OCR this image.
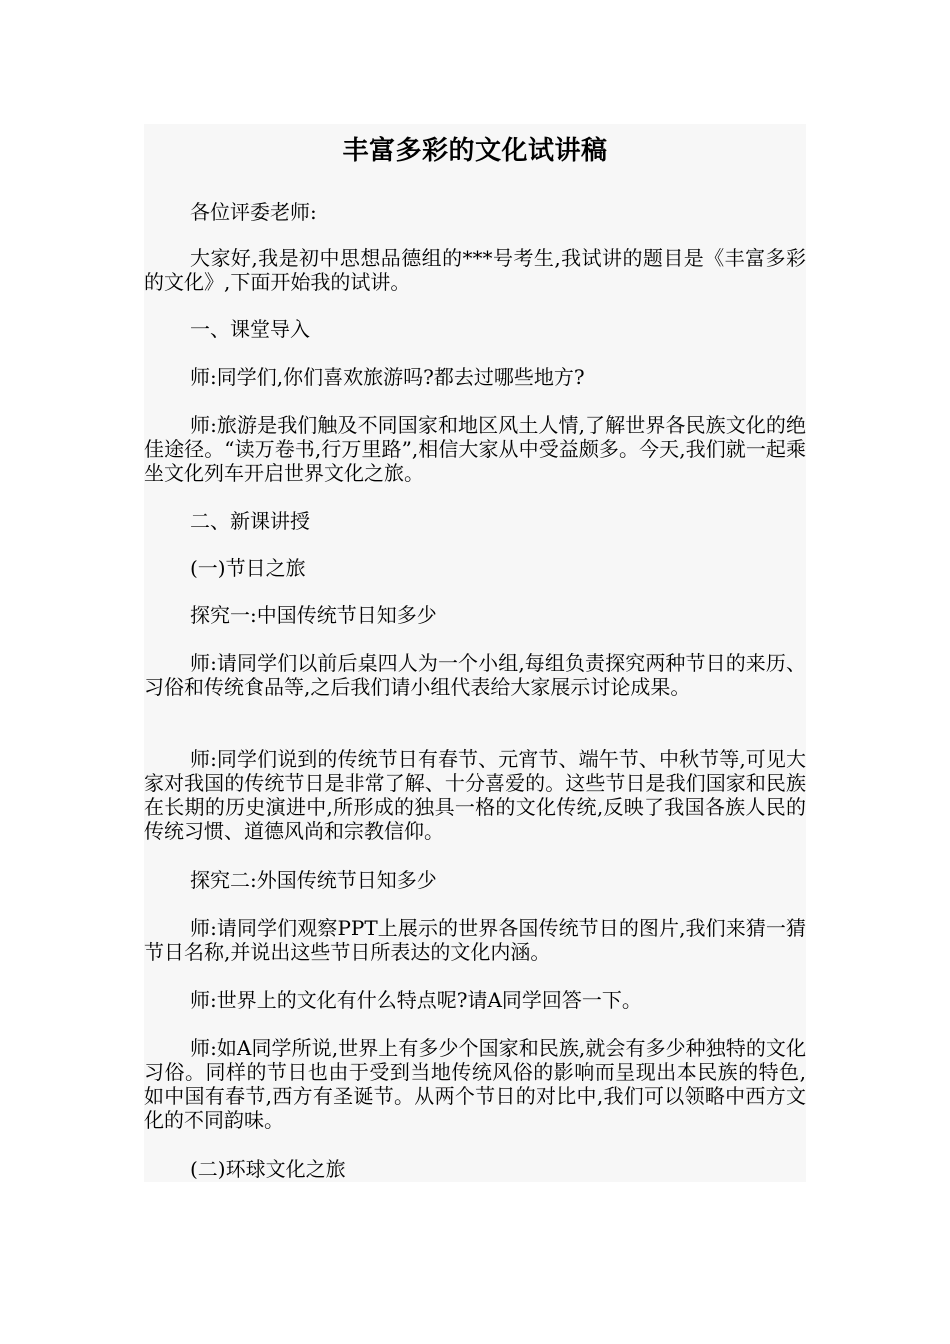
丰富多彩的文化试讲稿

各位评委老师:

大家好,我是初中思想品德组的***号考生,我试讲的题目是《丰富多彩的文化》,下面开始我的试讲。

一、课堂导入

师:同学们,你们喜欢旅游吗?都去过哪些地方?

师:旅游是我们触及不同国家和地区风土人情,了解世界各民族文化的绝佳途径。“读万卷书,行万里路”,相信大家从中受益颇多。今天,我们就一起乘坐文化列车开启世界文化之旅。

二、新课讲授

(一)节日之旅

探究一:中国传统节日知多少

师:请同学们以前后桌四人为一个小组,每组负责探究两种节日的来历、习俗和传统食品等,之后我们请小组代表给大家展示讨论成果。

师:同学们说到的传统节日有春节、元宵节、端午节、中秋节等,可见大家对我国的传统节日是非常了解、十分喜爱的。这些节日是我们国家和民族在长期的历史演进中,所形成的独具一格的文化传统,反映了我国各族人民的传统习惯、道德风尚和宗教信仰。

探究二:外国传统节日知多少

师:请同学们观察PPT上展示的世界各国传统节日的图片,我们来猜一猜节日名称,并说出这些节日所表达的文化内涵。

师:世界上的文化有什么特点呢?请A同学回答一下。

师:如A同学所说,世界上有多少个国家和民族,就会有多少种独特的文化习俗。同样的节日也由于受到当地传统风俗的影响而呈现出本民族的特色,如中国有春节,西方有圣诞节。从两个节日的对比中,我们可以领略中西方文化的不同韵味。

(二)环球文化之旅
